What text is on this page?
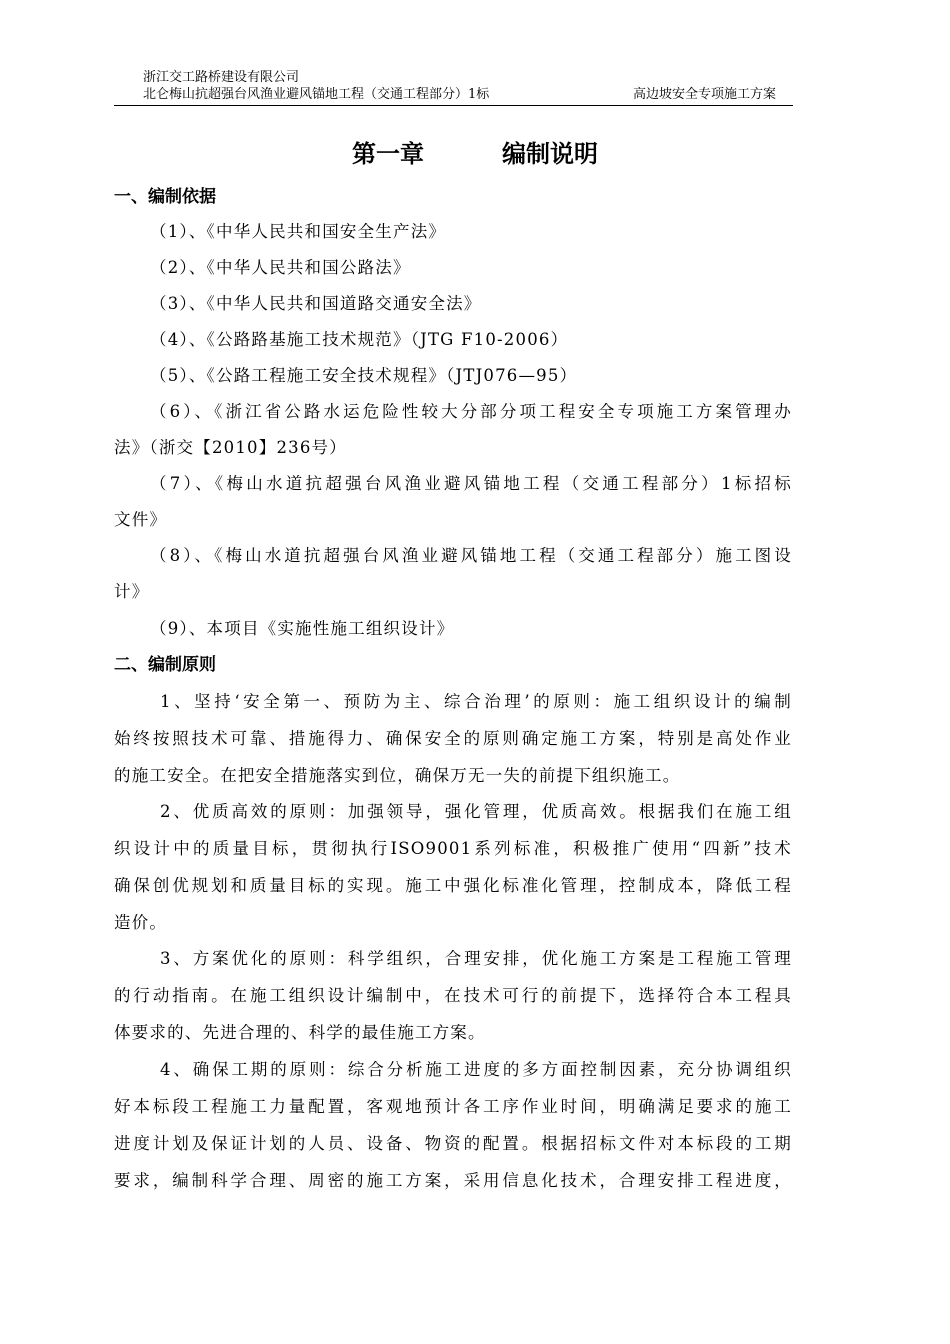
浙江交工路桥建设有限公司
北仑梅山抗超强台风渔业避风锚地工程（交通工程部分）1标	高边坡安全专项施工方案
第一章	编制说明
一、编制依据
（1）、《中华人民共和国安全生产法》
（2）、《中华人民共和国公路法》
（3）、《中华人民共和国道路交通安全法》
（4）、《公路路基施工技术规范》（JTG F10-2006）
（5）、《公路工程施工安全技术规程》（JTJ076—95）
（6）、《浙江省公路水运危险性较大分部分项工程安全专项施工方案管理办
法》（浙交【2010】236号）
（7）、《梅山水道抗超强台风渔业避风锚地工程（交通工程部分）1标招标
文件》
（8）、《梅山水道抗超强台风渔业避风锚地工程（交通工程部分）施工图设
计》
（9）、本项目《实施性施工组织设计》
二、编制原则
1、坚持‘安全第一、预防为主、综合治理’的原则：施工组织设计的编制
始终按照技术可靠、措施得力、确保安全的原则确定施工方案，特别是高处作业
的施工安全。在把安全措施落实到位，确保万无一失的前提下组织施工。
2、优质高效的原则：加强领导，强化管理，优质高效。根据我们在施工组
织设计中的质量目标，贯彻执行ISO9001系列标准，积极推广使用“四新”技术
确保创优规划和质量目标的实现。施工中强化标准化管理，控制成本，降低工程
造价。
3、方案优化的原则：科学组织，合理安排，优化施工方案是工程施工管理
的行动指南。在施工组织设计编制中，在技术可行的前提下，选择符合本工程具
体要求的、先进合理的、科学的最佳施工方案。
4、确保工期的原则：综合分析施工进度的多方面控制因素，充分协调组织
好本标段工程施工力量配置，客观地预计各工序作业时间，明确满足要求的施工
进度计划及保证计划的人员、设备、物资的配置。根据招标文件对本标段的工期
要求，编制科学合理、周密的施工方案，采用信息化技术，合理安排工程进度，
